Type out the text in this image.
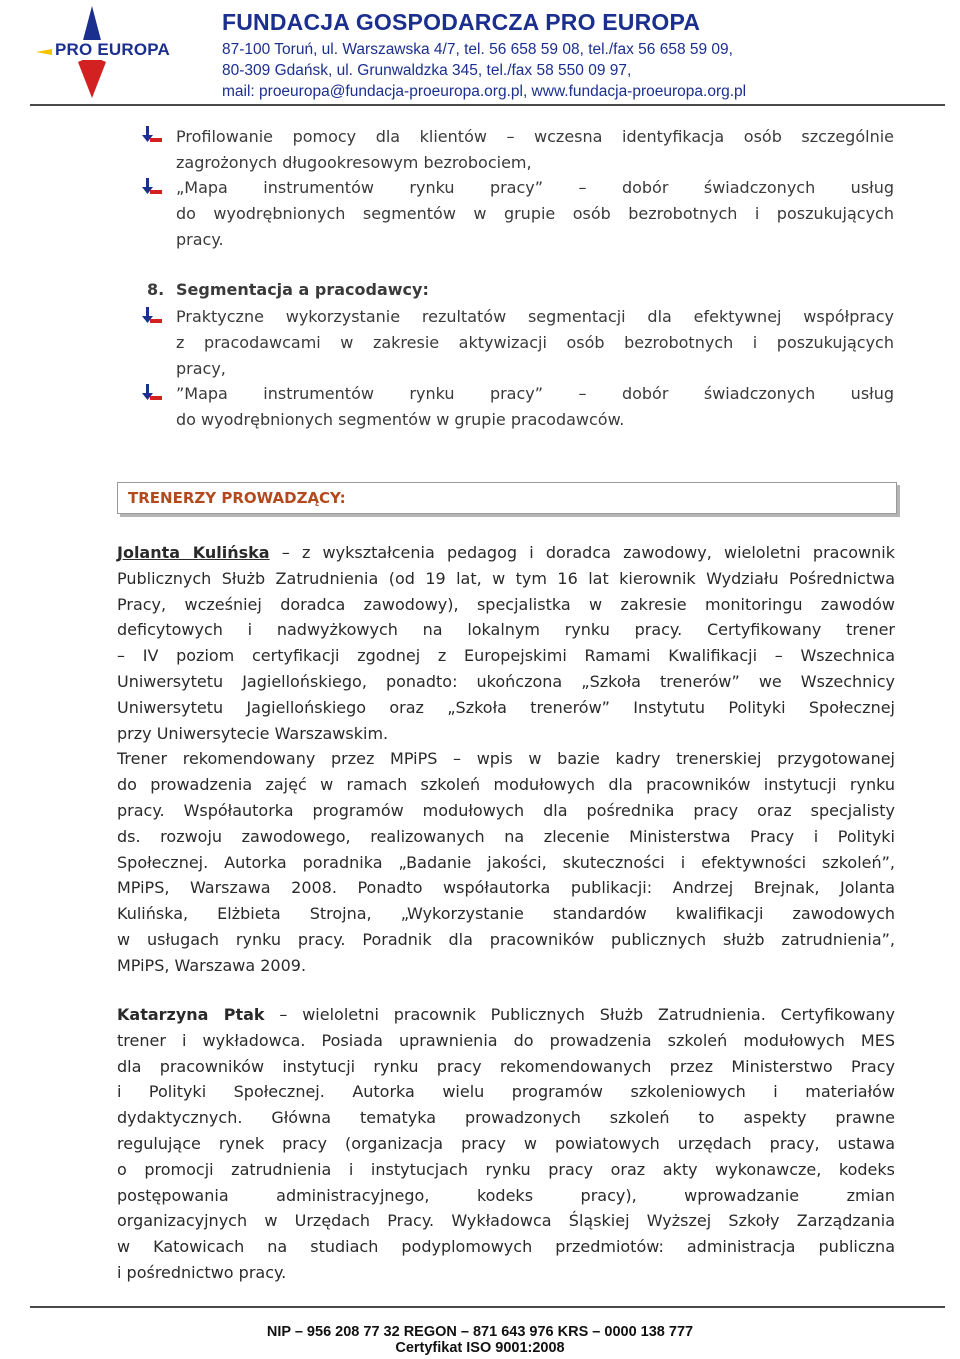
PRO EUROPA
FUNDACJA GOSPODARCZA PRO EUROPA
87-100 Toruń, ul. Warszawska 4/7, tel. 56 658 59 08, tel./fax 56 658 59 09,
80-309 Gdańsk, ul. Grunwaldzka 345, tel./fax 58 550 09 97,
mail: proeuropa@fundacja-proeuropa.org.pl, www.fundacja-proeuropa.org.pl
Profilowanie pomocy dla klientów – wczesna identyfikacja osób szczególnie
zagrożonych długookresowym bezrobociem,
„Mapa instrumentów rynku pracy” – dobór świadczonych usług
do wyodrębnionych segmentów w grupie osób bezrobotnych i poszukujących
pracy.
8. Segmentacja a pracodawcy:
Praktyczne wykorzystanie rezultatów segmentacji dla efektywnej współpracy
z pracodawcami w zakresie aktywizacji osób bezrobotnych i poszukujących
pracy,
”Mapa instrumentów rynku pracy” – dobór świadczonych usług
do wyodrębnionych segmentów w grupie pracodawców.
TRENERZY PROWADZĄCY:
Jolanta Kulińska – z wykształcenia pedagog i doradca zawodowy, wieloletni pracownik
Publicznych Służb Zatrudnienia (od 19 lat, w tym 16 lat kierownik Wydziału Pośrednictwa
Pracy, wcześniej doradca zawodowy), specjalistka w zakresie monitoringu zawodów
deficytowych i nadwyżkowych na lokalnym rynku pracy. Certyfikowany trener
– IV poziom certyfikacji zgodnej z Europejskimi Ramami Kwalifikacji – Wszechnica
Uniwersytetu Jagiellońskiego, ponadto: ukończona „Szkoła trenerów” we Wszechnicy
Uniwersytetu Jagiellońskiego oraz „Szkoła trenerów” Instytutu Polityki Społecznej
przy Uniwersytecie Warszawskim.
Trener rekomendowany przez MPiPS – wpis w bazie kadry trenerskiej przygotowanej
do prowadzenia zajęć w ramach szkoleń modułowych dla pracowników instytucji rynku
pracy. Współautorka programów modułowych dla pośrednika pracy oraz specjalisty
ds. rozwoju zawodowego, realizowanych na zlecenie Ministerstwa Pracy i Polityki
Społecznej. Autorka poradnika „Badanie jakości, skuteczności i efektywności szkoleń”,
MPiPS, Warszawa 2008. Ponadto współautorka publikacji: Andrzej Brejnak, Jolanta
Kulińska, Elżbieta Strojna, „Wykorzystanie standardów kwalifikacji zawodowych
w usługach rynku pracy. Poradnik dla pracowników publicznych służb zatrudnienia”,
MPiPS, Warszawa 2009.
Katarzyna Ptak – wieloletni pracownik Publicznych Służb Zatrudnienia. Certyfikowany
trener i wykładowca. Posiada uprawnienia do prowadzenia szkoleń modułowych MES
dla pracowników instytucji rynku pracy rekomendowanych przez Ministerstwo Pracy
i Polityki Społecznej. Autorka wielu programów szkoleniowych i materiałów
dydaktycznych. Główna tematyka prowadzonych szkoleń to aspekty prawne
regulujące rynek pracy (organizacja pracy w powiatowych urzędach pracy, ustawa
o promocji zatrudnienia i instytucjach rynku pracy oraz akty wykonawcze, kodeks
postępowania administracyjnego, kodeks pracy), wprowadzanie zmian
organizacyjnych w Urzędach Pracy. Wykładowca Śląskiej Wyższej Szkoły Zarządzania
w Katowicach na studiach podyplomowych przedmiotów: administracja publiczna
i pośrednictwo pracy.
NIP – 956 208 77 32 REGON – 871 643 976 KRS – 0000 138 777
Certyfikat ISO 9001:2008
